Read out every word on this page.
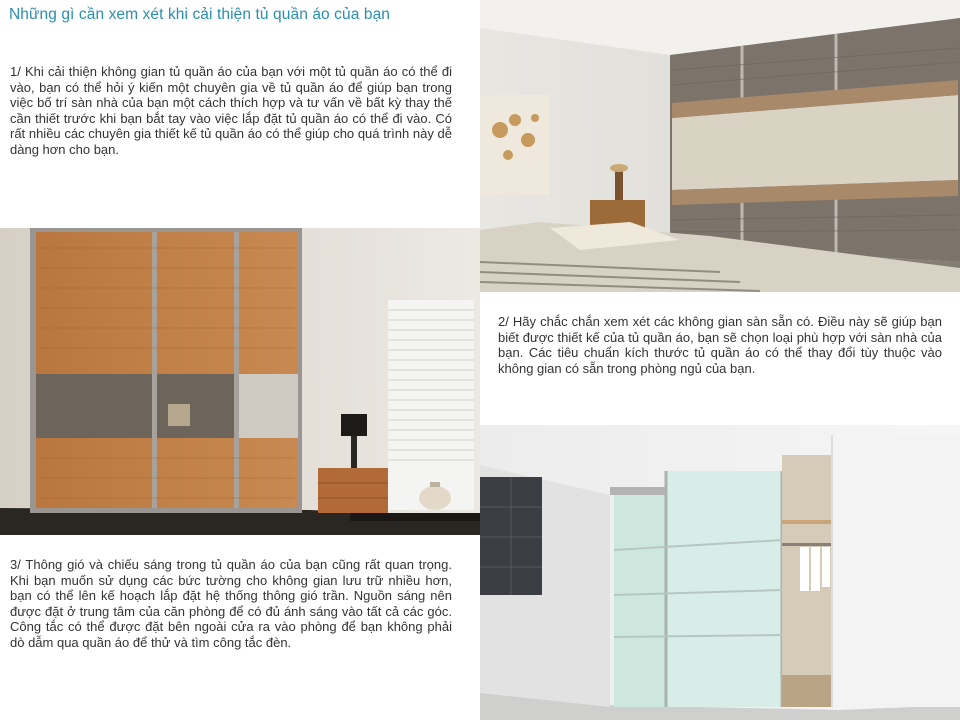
Những gì cần xem xét khi cải thiện tủ quần áo của bạn

1/ Khi cải thiện không gian tủ quần áo của bạn với một tủ quần áo có thể đi vào, bạn có thể hỏi ý kiến một chuyên gia về tủ quần áo để giúp bạn trong việc bố trí sàn nhà của bạn một cách thích hợp và tư vấn về bất kỳ thay thế cần thiết trước khi bạn bắt tay vào việc lắp đặt tủ quần áo có thể đi vào. Có rất nhiều các chuyên gia thiết kế tủ quần áo có thể giúp cho quá trình này dễ dàng hơn cho bạn.

2/ Hãy chắc chắn xem xét các không gian sàn sẵn có. Điều này sẽ giúp bạn biết được thiết kế của tủ quần áo, bạn sẽ chọn loại phù hợp với sàn nhà của bạn. Các tiêu chuẩn kích thước tủ quần áo có thể thay đổi tùy thuộc vào không gian có sẵn trong phòng ngủ của bạn.

3/ Thông gió và chiếu sáng trong tủ quần áo của bạn cũng rất quan trọng. Khi bạn muốn sử dụng các bức tường cho không gian lưu trữ nhiều hơn, bạn có thể lên kế hoạch lắp đặt hệ thống thông gió trần. Nguồn sáng nên được đặt ở trung tâm của căn phòng để có đủ ánh sáng vào tất cả các góc. Công tắc có thể được đặt bên ngoài cửa ra vào phòng để bạn không phải dò dẫm qua quần áo để thử và tìm công tắc đèn.
